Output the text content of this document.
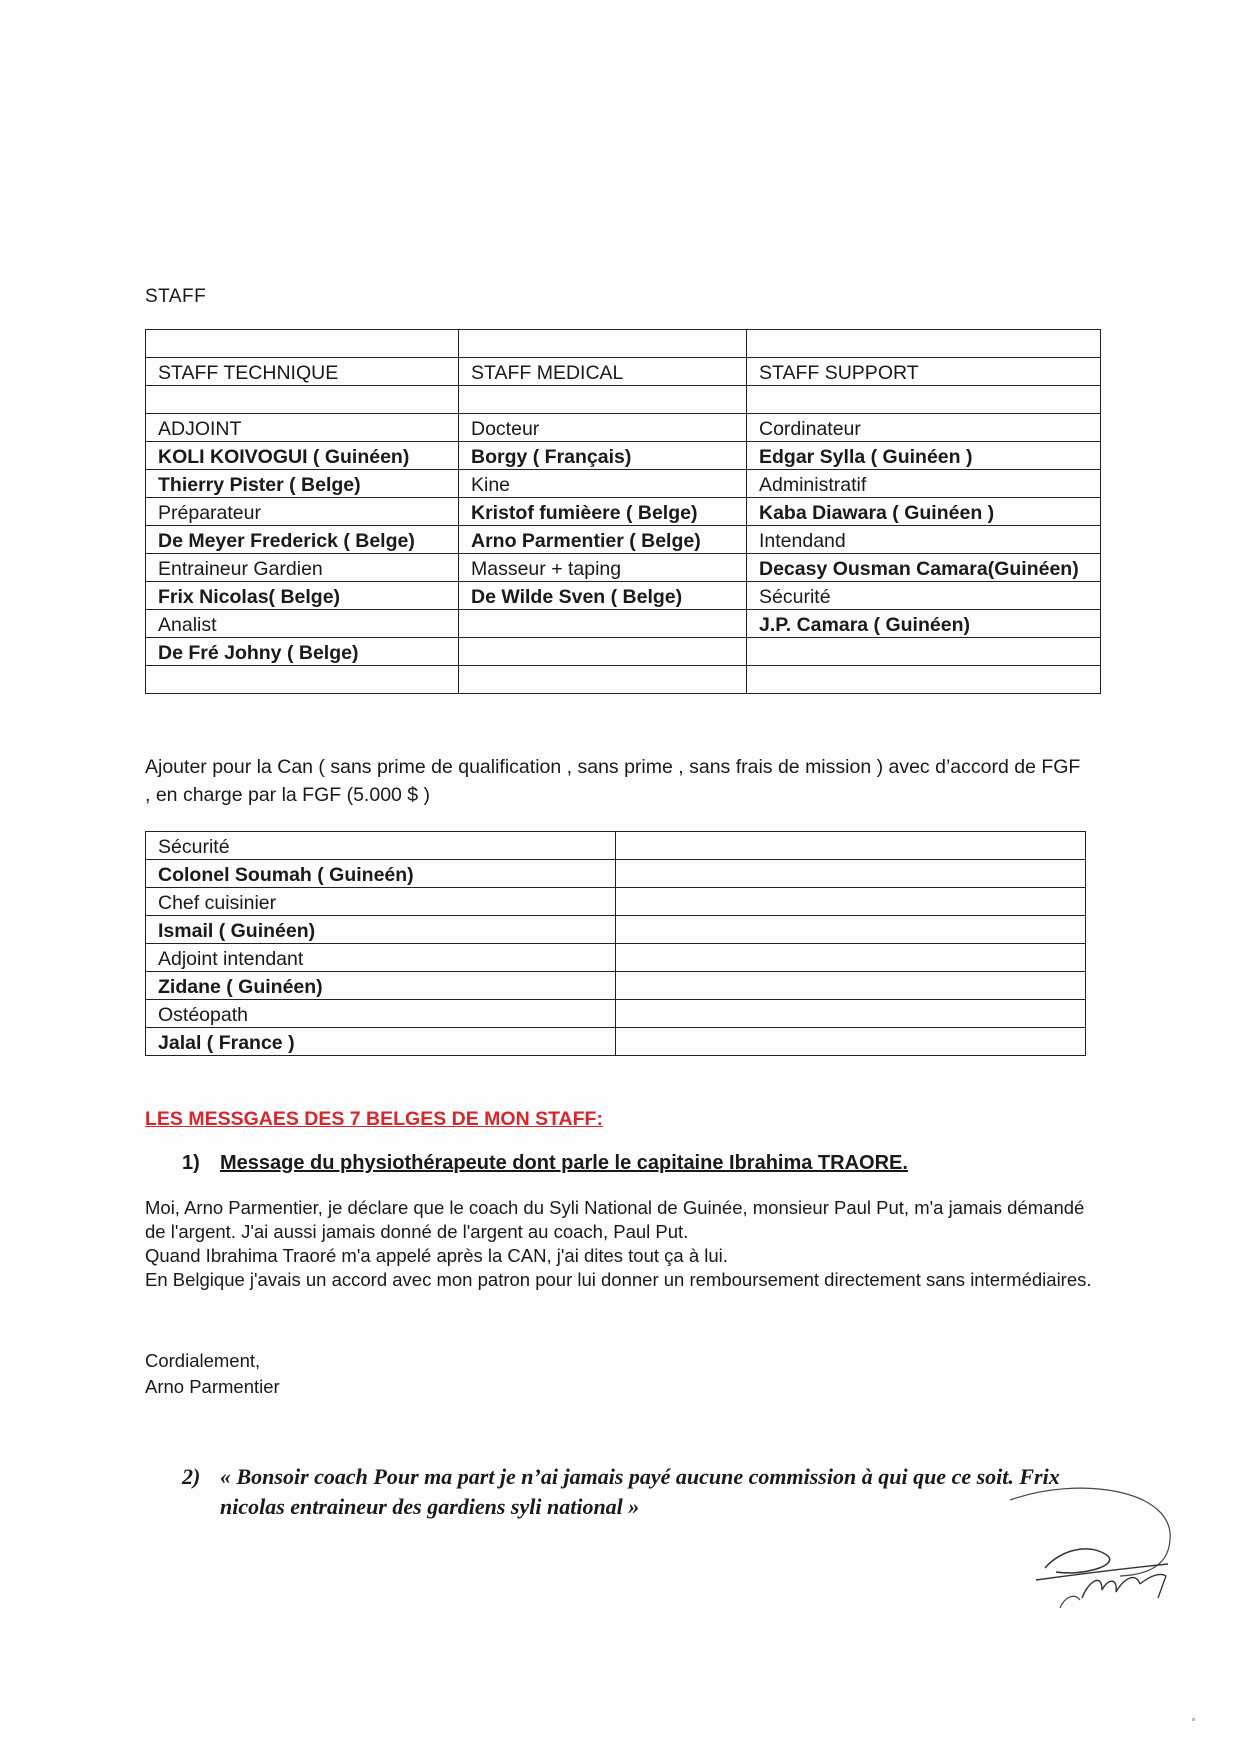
STAFF

STAFF TECHNIQUE	STAFF MEDICAL	STAFF SUPPORT

ADJOINT	Docteur	Cordinateur
KOLI KOIVOGUI ( Guinéen)	Borgy ( Français)	Edgar Sylla ( Guinéen )
Thierry Pister ( Belge)	Kine	Administratif
Préparateur	Kristof fumièere ( Belge)	Kaba Diawara ( Guinéen )
De Meyer Frederick ( Belge)	Arno Parmentier ( Belge)	Intendand
Entraineur Gardien	Masseur + taping	Decasy Ousman Camara(Guinéen)
Frix Nicolas( Belge)	De Wilde Sven ( Belge)	Sécurité
Analist		J.P. Camara ( Guinéen)
De Fré Johny ( Belge)		

Ajouter pour la Can ( sans prime de qualification , sans prime , sans frais de mission ) avec d’accord de FGF , en charge par la FGF (5.000 $ )
Sécurité	
Colonel Soumah ( Guineén)	
Chef cuisinier	
Ismail ( Guinéen)	
Adjoint intendant	
Zidane ( Guinéen)	
Ostéopath	
Jalal ( France )	
LES MESSGAES DES 7 BELGES DE MON STAFF:
1) Message du physiothérapeute dont parle le capitaine Ibrahima TRAORE.

Moi, Arno Parmentier, je déclare que le coach du Syli National de Guinée, monsieur Paul Put, m'a jamais démandé de l'argent. J'ai aussi jamais donné de l'argent au coach, Paul Put.

Quand Ibrahima Traoré m'a appelé après la CAN, j'ai dites tout ça à lui.

En Belgique j'avais un accord avec mon patron pour lui donner un remboursement directement sans intermédiaires.

Cordialement,
Arno Parmentier
2) « Bonsoir coach Pour ma part je n’ai jamais payé aucune commission à qui que ce soit. Frix nicolas entraineur des gardiens syli national »
